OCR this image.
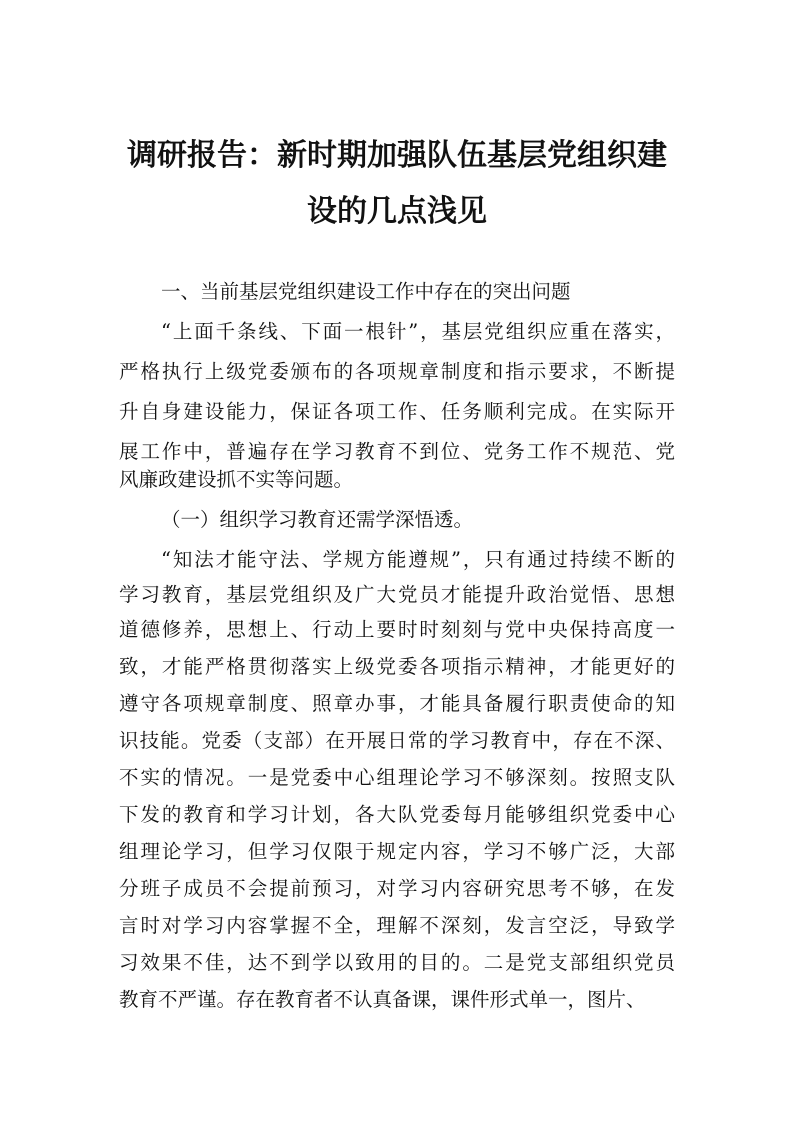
调研报告：新时期加强队伍基层党组织建
设的几点浅见
一、当前基层党组织建设工作中存在的突出问题
“上面千条线、下面一根针”，基层党组织应重在落实，
严格执行上级党委颁布的各项规章制度和指示要求，不断提
升自身建设能力，保证各项工作、任务顺利完成。在实际开
展工作中，普遍存在学习教育不到位、党务工作不规范、党
风廉政建设抓不实等问题。
（一）组织学习教育还需学深悟透。
“知法才能守法、学规方能遵规”，只有通过持续不断的
学习教育，基层党组织及广大党员才能提升政治觉悟、思想
道德修养，思想上、行动上要时时刻刻与党中央保持高度一
致，才能严格贯彻落实上级党委各项指示精神，才能更好的
遵守各项规章制度、照章办事，才能具备履行职责使命的知
识技能。党委（支部）在开展日常的学习教育中，存在不深、
不实的情况。一是党委中心组理论学习不够深刻。按照支队
下发的教育和学习计划，各大队党委每月能够组织党委中心
组理论学习，但学习仅限于规定内容，学习不够广泛，大部
分班子成员不会提前预习，对学习内容研究思考不够，在发
言时对学习内容掌握不全，理解不深刻，发言空泛，导致学
习效果不佳，达不到学以致用的目的。二是党支部组织党员
教育不严谨。存在教育者不认真备课，课件形式单一，图片、
